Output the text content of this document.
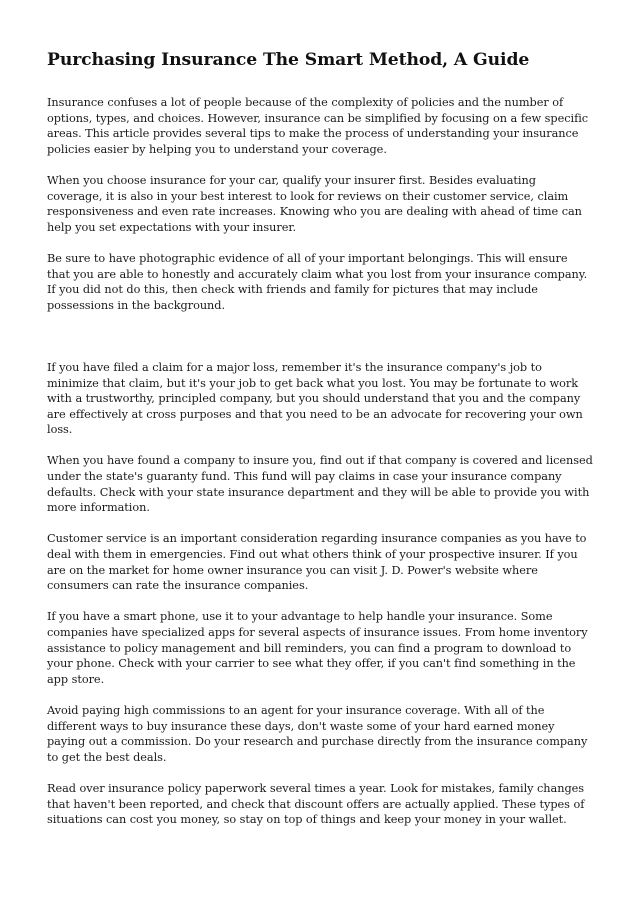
Purchasing Insurance The Smart Method, A Guide

Insurance confuses a lot of people because of the complexity of policies and the number of options, types, and choices. However, insurance can be simplified by focusing on a few specific areas. This article provides several tips to make the process of understanding your insurance policies easier by helping you to understand your coverage.

When you choose insurance for your car, qualify your insurer first. Besides evaluating coverage, it is also in your best interest to look for reviews on their customer service, claim responsiveness and even rate increases. Knowing who you are dealing with ahead of time can help you set expectations with your insurer.

Be sure to have photographic evidence of all of your important belongings. This will ensure that you are able to honestly and accurately claim what you lost from your insurance company. If you did not do this, then check with friends and family for pictures that may include possessions in the background.

If you have filed a claim for a major loss, remember it's the insurance company's job to minimize that claim, but it's your job to get back what you lost. You may be fortunate to work with a trustworthy, principled company, but you should understand that you and the company are effectively at cross purposes and that you need to be an advocate for recovering your own loss.

When you have found a company to insure you, find out if that company is covered and licensed under the state's guaranty fund. This fund will pay claims in case your insurance company defaults. Check with your state insurance department and they will be able to provide you with more information.

Customer service is an important consideration regarding insurance companies as you have to deal with them in emergencies. Find out what others think of your prospective insurer. If you are on the market for home owner insurance you can visit J. D. Power's website where consumers can rate the insurance companies.

If you have a smart phone, use it to your advantage to help handle your insurance. Some companies have specialized apps for several aspects of insurance issues. From home inventory assistance to policy management and bill reminders, you can find a program to download to your phone. Check with your carrier to see what they offer, if you can't find something in the app store.

Avoid paying high commissions to an agent for your insurance coverage. With all of the different ways to buy insurance these days, don't waste some of your hard earned money paying out a commission. Do your research and purchase directly from the insurance company to get the best deals.

Read over insurance policy paperwork several times a year. Look for mistakes, family changes that haven't been reported, and check that discount offers are actually applied. These types of situations can cost you money, so stay on top of things and keep your money in your wallet.
